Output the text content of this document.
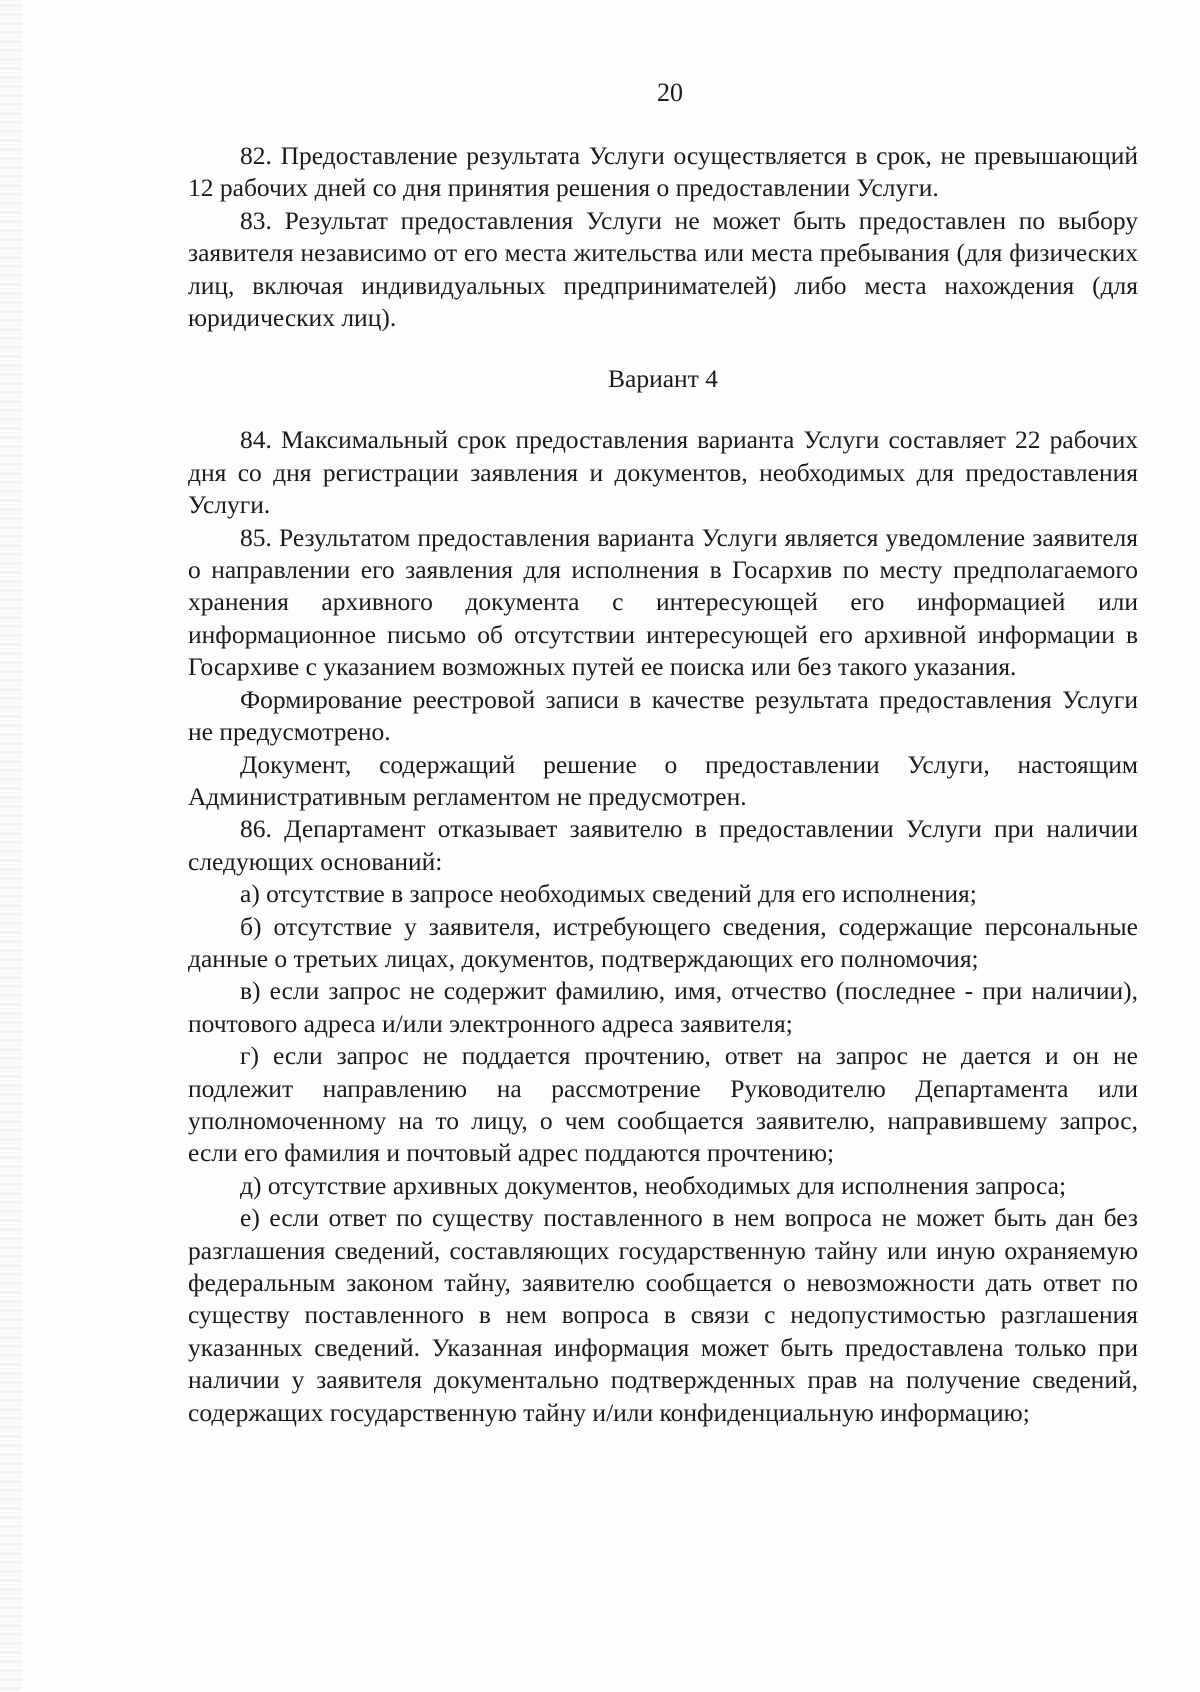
20

82. Предоставление результата Услуги осуществляется в срок, не превышающий 12 рабочих дней со дня принятия решения о предоставлении Услуги.

83. Результат предоставления Услуги не может быть предоставлен по выбору заявителя независимо от его места жительства или места пребывания (для физических лиц, включая индивидуальных предпринимателей) либо места нахождения (для юридических лиц).

Вариант 4

84. Максимальный срок предоставления варианта Услуги составляет 22 рабочих дня со дня регистрации заявления и документов, необходимых для предоставления Услуги.

85. Результатом предоставления варианта Услуги является уведомление заявителя о направлении его заявления для исполнения в Госархив по месту предполагаемого хранения архивного документа с интересующей его информацией или информационное письмо об отсутствии интересующей его архивной информации в Госархиве с указанием возможных путей ее поиска или без такого указания.

Формирование реестровой записи в качестве результата предоставления Услуги не предусмотрено.

Документ, содержащий решение о предоставлении Услуги, настоящим Административным регламентом не предусмотрен.

86. Департамент отказывает заявителю в предоставлении Услуги при наличии следующих оснований:

а) отсутствие в запросе необходимых сведений для его исполнения;

б) отсутствие у заявителя, истребующего сведения, содержащие персональные данные о третьих лицах, документов, подтверждающих его полномочия;

в) если запрос не содержит фамилию, имя, отчество (последнее - при наличии), почтового адреса и/или электронного адреса заявителя;

г) если запрос не поддается прочтению, ответ на запрос не дается и он не подлежит направлению на рассмотрение Руководителю Департамента или уполномоченному на то лицу, о чем сообщается заявителю, направившему запрос, если его фамилия и почтовый адрес поддаются прочтению;

д) отсутствие архивных документов, необходимых для исполнения запроса;

е) если ответ по существу поставленного в нем вопроса не может быть дан без разглашения сведений, составляющих государственную тайну или иную охраняемую федеральным законом тайну, заявителю сообщается о невозможности дать ответ по существу поставленного в нем вопроса в связи с недопустимостью разглашения указанных сведений. Указанная информация может быть предоставлена только при наличии у заявителя документально подтвержденных прав на получение сведений, содержащих государственную тайну и/или конфиденциальную информацию;
